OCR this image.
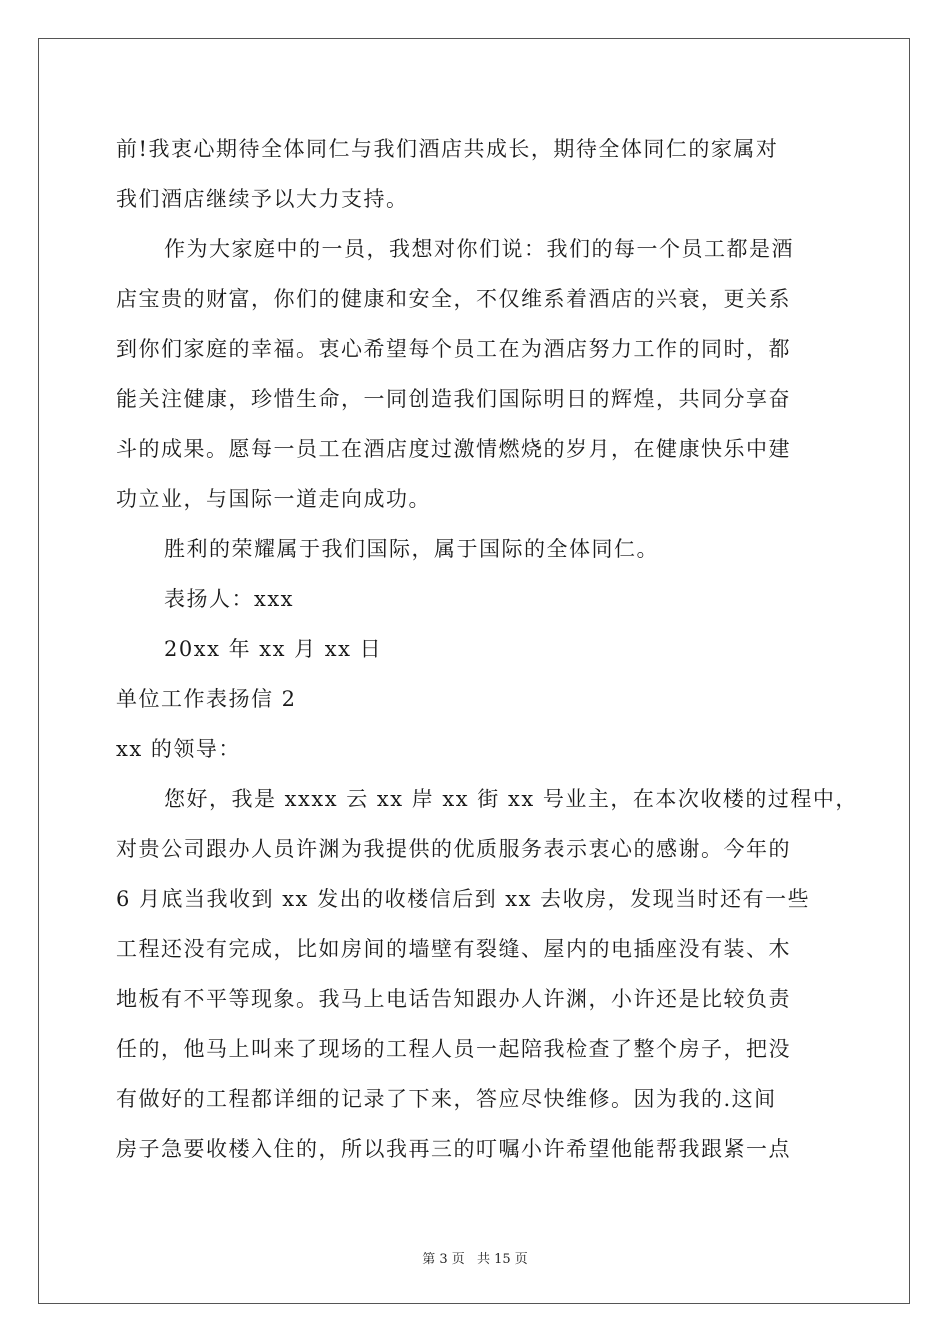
前!我衷心期待全体同仁与我们酒店共成长，期待全体同仁的家属对
我们酒店继续予以大力支持。
作为大家庭中的一员，我想对你们说：我们的每一个员工都是酒
店宝贵的财富，你们的健康和安全，不仅维系着酒店的兴衰，更关系
到你们家庭的幸福。衷心希望每个员工在为酒店努力工作的同时，都
能关注健康，珍惜生命，一同创造我们国际明日的辉煌，共同分享奋
斗的成果。愿每一员工在酒店度过激情燃烧的岁月，在健康快乐中建
功立业，与国际一道走向成功。
胜利的荣耀属于我们国际，属于国际的全体同仁。
表扬人：xxx
20xx 年 xx 月 xx 日
单位工作表扬信 2
xx 的领导：
您好，我是 xxxx 云 xx 岸 xx 街 xx 号业主，在本次收楼的过程中，
对贵公司跟办人员许渊为我提供的优质服务表示衷心的感谢。今年的
6 月底当我收到 xx 发出的收楼信后到 xx 去收房，发现当时还有一些
工程还没有完成，比如房间的墙壁有裂缝、屋内的电插座没有装、木
地板有不平等现象。我马上电话告知跟办人许渊，小许还是比较负责
任的，他马上叫来了现场的工程人员一起陪我检查了整个房子，把没
有做好的工程都详细的记录了下来，答应尽快维修。因为我的.这间
房子急要收楼入住的，所以我再三的叮嘱小许希望他能帮我跟紧一点
第 3 页 共 15 页
